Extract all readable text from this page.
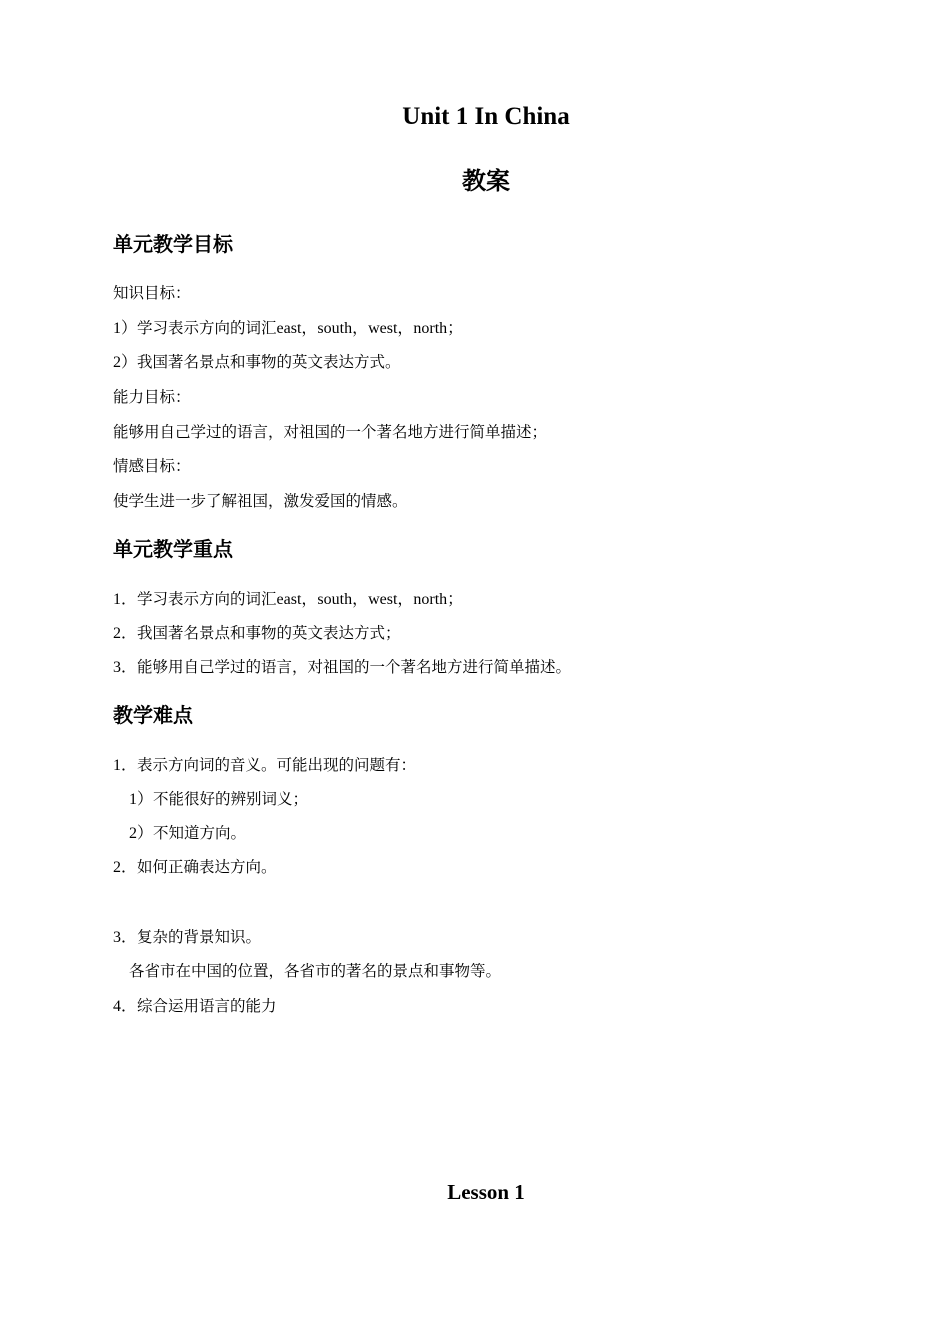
Unit 1 In China
教案
单元教学目标
知识目标：
1）学习表示方向的词汇east，south，west，north；
2）我国著名景点和事物的英文表达方式。
能力目标：
能够用自己学过的语言，对祖国的一个著名地方进行简单描述；
情感目标：
使学生进一步了解祖国，激发爱国的情感。
单元教学重点
1．学习表示方向的词汇east，south，west，north；
2．我国著名景点和事物的英文表达方式；
3．能够用自己学过的语言，对祖国的一个著名地方进行简单描述。
教学难点
1．表示方向词的音义。可能出现的问题有：
1）不能很好的辨别词义；
2）不知道方向。
2．如何正确表达方向。
3．复杂的背景知识。
各省市在中国的位置，各省市的著名的景点和事物等。
4．综合运用语言的能力
Lesson 1
